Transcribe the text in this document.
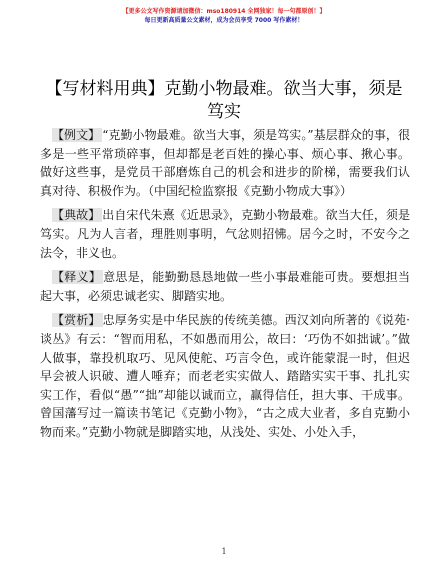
【更多公文写作资源请加微信：mso180914 全网独家！每一句都原创！】
每日更新高质量公文素材，成为会员享受 7000 写作素材！
【写材料用典】克勤小物最难。欲当大事，须是笃实

【例文】 “克勤小物最难。欲当大事，须是笃实。”基层群众的事，很多是一些平常琐碎事，但却都是老百姓的操心事、烦心事、揪心事。做好这些事，是党员干部磨炼自己的机会和进步的阶梯，需要我们认真对待、积极作为。（中国纪检监察报《克勤小物成大事》）

【典故】 出自宋代朱熹《近思录》，克勤小物最难。欲当大任，须是笃实。凡为人言者，理胜则事明，气忿则招怫。居今之时，不安今之法令，非义也。

【释义】 意思是，能勤勤恳恳地做一些小事最难能可贵。要想担当起大事，必须忠诚老实、脚踏实地。

【赏析】 忠厚务实是中华民族的传统美德。西汉刘向所著的《说苑·谈丛》有云：“智而用私，不如愚而用公，故曰：‘巧伪不如拙诚’。”做人做事，靠投机取巧、见风使舵、巧言令色，或许能蒙混一时，但迟早会被人识破、遭人唾弃；而老老实实做人、踏踏实实干事、扎扎实实工作，看似“愚”“拙”却能以诚而立，赢得信任，担大事、干成事。曾国藩写过一篇读书笔记《克勤小物》，“古之成大业者，多自克勤小物而来。”克勤小物就是脚踏实地，从浅处、实处、小处入手，

1
